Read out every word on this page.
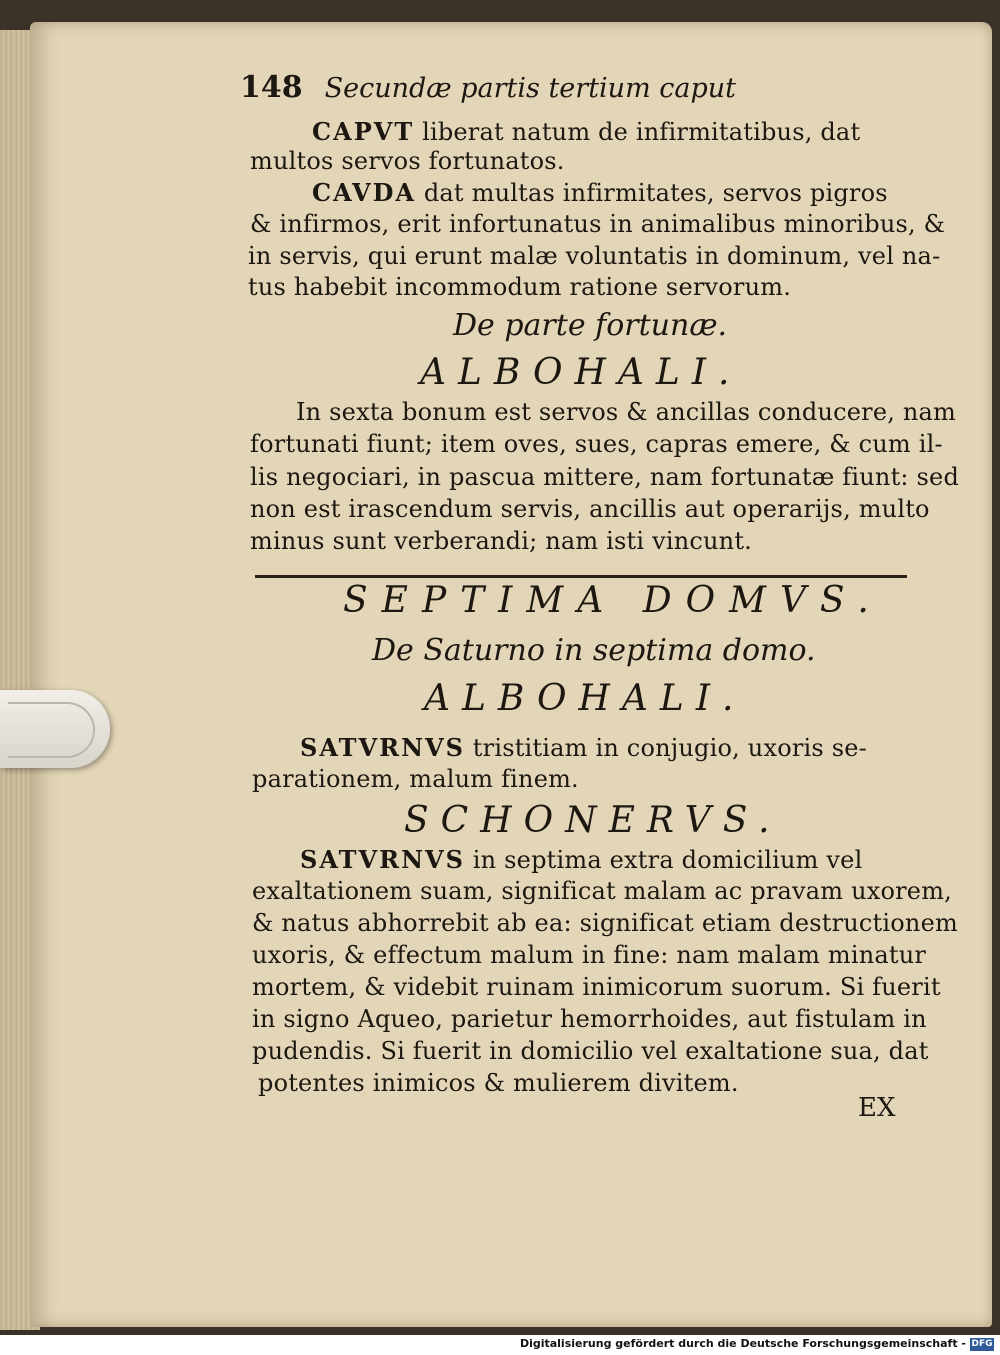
148 Secundæ partis tertium caput
CAPVT liberat natum de infirmitatibus, dat
multos servos fortunatos.
CAVDA dat multas infirmitates, servos pigros
& infirmos, erit infortunatus in animalibus minoribus, &
in servis, qui erunt malæ voluntatis in dominum, vel na-
tus habebit incommodum ratione servorum.
De parte fortunæ.
ALBOHALI.
In sexta bonum est servos & ancillas conducere, nam
fortunati fiunt; item oves, sues, capras emere, & cum il-
lis negociari, in pascua mittere, nam fortunatæ fiunt: sed
non est irascendum servis, ancillis aut operarijs, multo
minus sunt verberandi; nam isti vincunt.
SEPTIMA DOMVS.
De Saturno in septima domo.
ALBOHALI.
SATVRNVS tristitiam in conjugio, uxoris se-
parationem, malum finem.
SCHONERVS.
SATVRNVS in septima extra domicilium vel
exaltationem suam, significat malam ac pravam uxorem,
& natus abhorrebit ab ea: significat etiam destructionem
uxoris, & effectum malum in fine: nam malam minatur
mortem, & videbit ruinam inimicorum suorum. Si fuerit
in signo Aqueo, parietur hemorrhoides, aut fistulam in
pudendis. Si fuerit in domicilio vel exaltatione sua, dat
potentes inimicos & mulierem divitem.
EX
Digitalisierung gefördert durch die Deutsche Forschungsgemeinschaft - DFG
